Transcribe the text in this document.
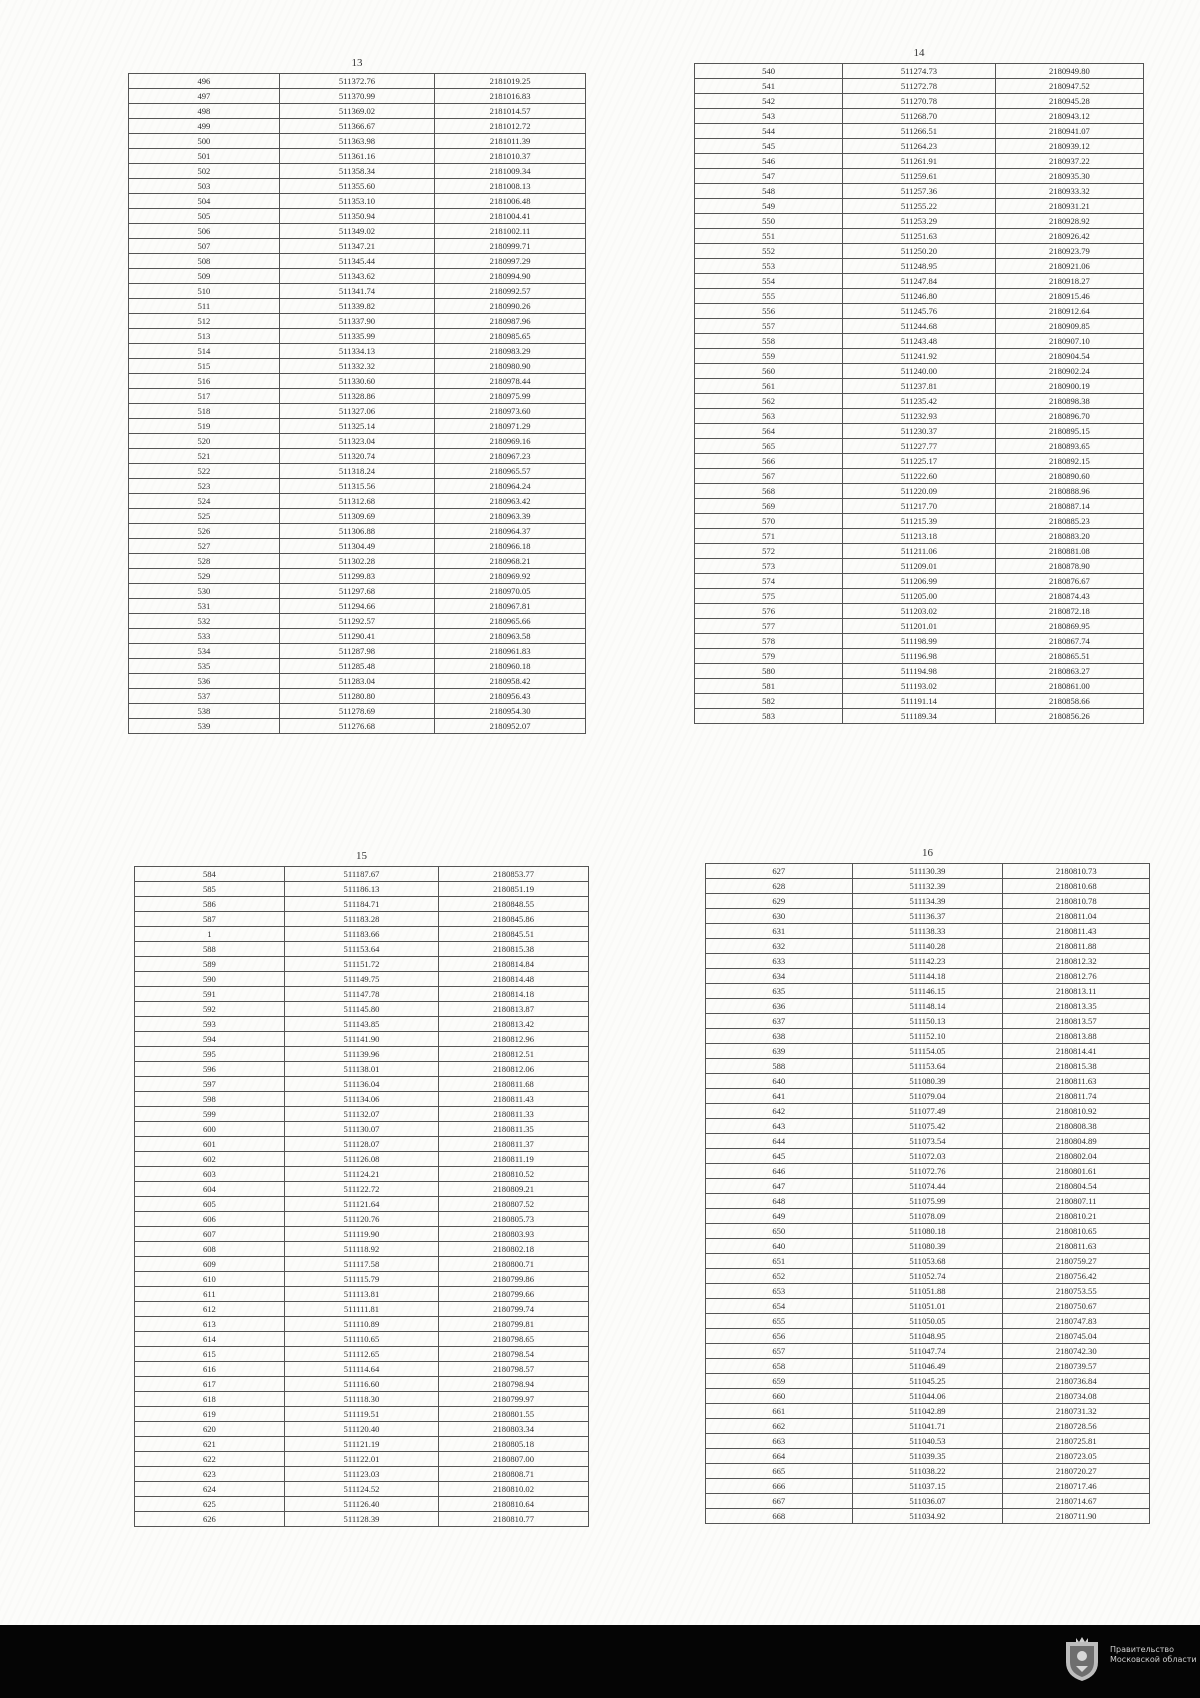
13
496	511372.76	2181019.25
497	511370.99	2181016.83
498	511369.02	2181014.57
499	511366.67	2181012.72
500	511363.98	2181011.39
501	511361.16	2181010.37
502	511358.34	2181009.34
503	511355.60	2181008.13
504	511353.10	2181006.48
505	511350.94	2181004.41
506	511349.02	2181002.11
507	511347.21	2180999.71
508	511345.44	2180997.29
509	511343.62	2180994.90
510	511341.74	2180992.57
511	511339.82	2180990.26
512	511337.90	2180987.96
513	511335.99	2180985.65
514	511334.13	2180983.29
515	511332.32	2180980.90
516	511330.60	2180978.44
517	511328.86	2180975.99
518	511327.06	2180973.60
519	511325.14	2180971.29
520	511323.04	2180969.16
521	511320.74	2180967.23
522	511318.24	2180965.57
523	511315.56	2180964.24
524	511312.68	2180963.42
525	511309.69	2180963.39
526	511306.88	2180964.37
527	511304.49	2180966.18
528	511302.28	2180968.21
529	511299.83	2180969.92
530	511297.68	2180970.05
531	511294.66	2180967.81
532	511292.57	2180965.66
533	511290.41	2180963.58
534	511287.98	2180961.83
535	511285.48	2180960.18
536	511283.04	2180958.42
537	511280.80	2180956.43
538	511278.69	2180954.30
539	511276.68	2180952.07
14
540	511274.73	2180949.80
541	511272.78	2180947.52
542	511270.78	2180945.28
543	511268.70	2180943.12
544	511266.51	2180941.07
545	511264.23	2180939.12
546	511261.91	2180937.22
547	511259.61	2180935.30
548	511257.36	2180933.32
549	511255.22	2180931.21
550	511253.29	2180928.92
551	511251.63	2180926.42
552	511250.20	2180923.79
553	511248.95	2180921.06
554	511247.84	2180918.27
555	511246.80	2180915.46
556	511245.76	2180912.64
557	511244.68	2180909.85
558	511243.48	2180907.10
559	511241.92	2180904.54
560	511240.00	2180902.24
561	511237.81	2180900.19
562	511235.42	2180898.38
563	511232.93	2180896.70
564	511230.37	2180895.15
565	511227.77	2180893.65
566	511225.17	2180892.15
567	511222.60	2180890.60
568	511220.09	2180888.96
569	511217.70	2180887.14
570	511215.39	2180885.23
571	511213.18	2180883.20
572	511211.06	2180881.08
573	511209.01	2180878.90
574	511206.99	2180876.67
575	511205.00	2180874.43
576	511203.02	2180872.18
577	511201.01	2180869.95
578	511198.99	2180867.74
579	511196.98	2180865.51
580	511194.98	2180863.27
581	511193.02	2180861.00
582	511191.14	2180858.66
583	511189.34	2180856.26
15
584	511187.67	2180853.77
585	511186.13	2180851.19
586	511184.71	2180848.55
587	511183.28	2180845.86
1	511183.66	2180845.51
588	511153.64	2180815.38
589	511151.72	2180814.84
590	511149.75	2180814.48
591	511147.78	2180814.18
592	511145.80	2180813.87
593	511143.85	2180813.42
594	511141.90	2180812.96
595	511139.96	2180812.51
596	511138.01	2180812.06
597	511136.04	2180811.68
598	511134.06	2180811.43
599	511132.07	2180811.33
600	511130.07	2180811.35
601	511128.07	2180811.37
602	511126.08	2180811.19
603	511124.21	2180810.52
604	511122.72	2180809.21
605	511121.64	2180807.52
606	511120.76	2180805.73
607	511119.90	2180803.93
608	511118.92	2180802.18
609	511117.58	2180800.71
610	511115.79	2180799.86
611	511113.81	2180799.66
612	511111.81	2180799.74
613	511110.89	2180799.81
614	511110.65	2180798.65
615	511112.65	2180798.54
616	511114.64	2180798.57
617	511116.60	2180798.94
618	511118.30	2180799.97
619	511119.51	2180801.55
620	511120.40	2180803.34
621	511121.19	2180805.18
622	511122.01	2180807.00
623	511123.03	2180808.71
624	511124.52	2180810.02
625	511126.40	2180810.64
626	511128.39	2180810.77
16
627	511130.39	2180810.73
628	511132.39	2180810.68
629	511134.39	2180810.78
630	511136.37	2180811.04
631	511138.33	2180811.43
632	511140.28	2180811.88
633	511142.23	2180812.32
634	511144.18	2180812.76
635	511146.15	2180813.11
636	511148.14	2180813.35
637	511150.13	2180813.57
638	511152.10	2180813.88
639	511154.05	2180814.41
588	511153.64	2180815.38
640	511080.39	2180811.63
641	511079.04	2180811.74
642	511077.49	2180810.92
643	511075.42	2180808.38
644	511073.54	2180804.89
645	511072.03	2180802.04
646	511072.76	2180801.61
647	511074.44	2180804.54
648	511075.99	2180807.11
649	511078.09	2180810.21
650	511080.18	2180810.65
640	511080.39	2180811.63
651	511053.68	2180759.27
652	511052.74	2180756.42
653	511051.88	2180753.55
654	511051.01	2180750.67
655	511050.05	2180747.83
656	511048.95	2180745.04
657	511047.74	2180742.30
658	511046.49	2180739.57
659	511045.25	2180736.84
660	511044.06	2180734.08
661	511042.89	2180731.32
662	511041.71	2180728.56
663	511040.53	2180725.81
664	511039.35	2180723.05
665	511038.22	2180720.27
666	511037.15	2180717.46
667	511036.07	2180714.67
668	511034.92	2180711.90
Правительство
Московской области
